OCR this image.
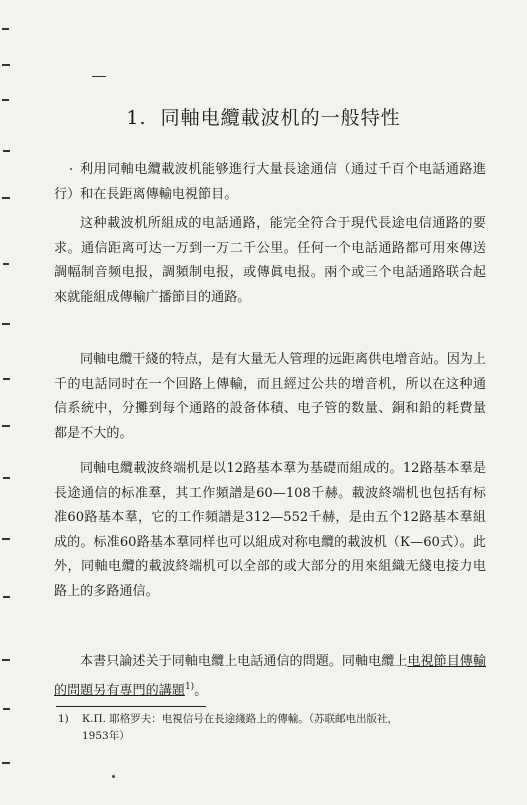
1. 同軸电纜載波机的一般特性

利用同軸电纜載波机能够進行大量長途通信（通过千百个电話通路進行）和在長距离傳輸电視節目。

这种載波机所組成的电話通路，能完全符合于現代長途电信通路的要求。通信距离可达一万到一万二千公里。任何一个电話通路都可用來傳送調幅制音频电报，調頻制电报，或傳眞电报。兩个或三个电話通路联合起來就能組成傳輸广播節目的通路。

同軸电纜干綫的特点，是有大量无人管理的远距离供电增音站。因为上千的电話同时在一个回路上傳輸，而且經过公共的增音机，所以在这种通信系統中，分攤到每个通路的設备体積、电子管的数量、銅和鉛的耗費量都是不大的。

同軸电纜載波終端机是以12路基本羣为基礎而組成的。12路基本羣是長途通信的标准羣，其工作頻譜是60—108千赫。載波終端机也包括有标准60路基本羣，它的工作頻譜是312—552千赫，是由五个12路基本羣組成的。标准60路基本羣同样也可以組成对称电纜的載波机（К—60式）。此外，同軸电纜的載波終端机可以全部的或大部分的用來組織无綫电接力电路上的多路通信。

本書只論述关于同軸电纜上电話通信的問題。同軸电纜上电視節目傳輸的問題另有專門的講題$^{1)}$。

1) К.П. 耶格罗夫：电視信号在長途綫路上的傳輸。（苏联邮电出版社，
1953年）
